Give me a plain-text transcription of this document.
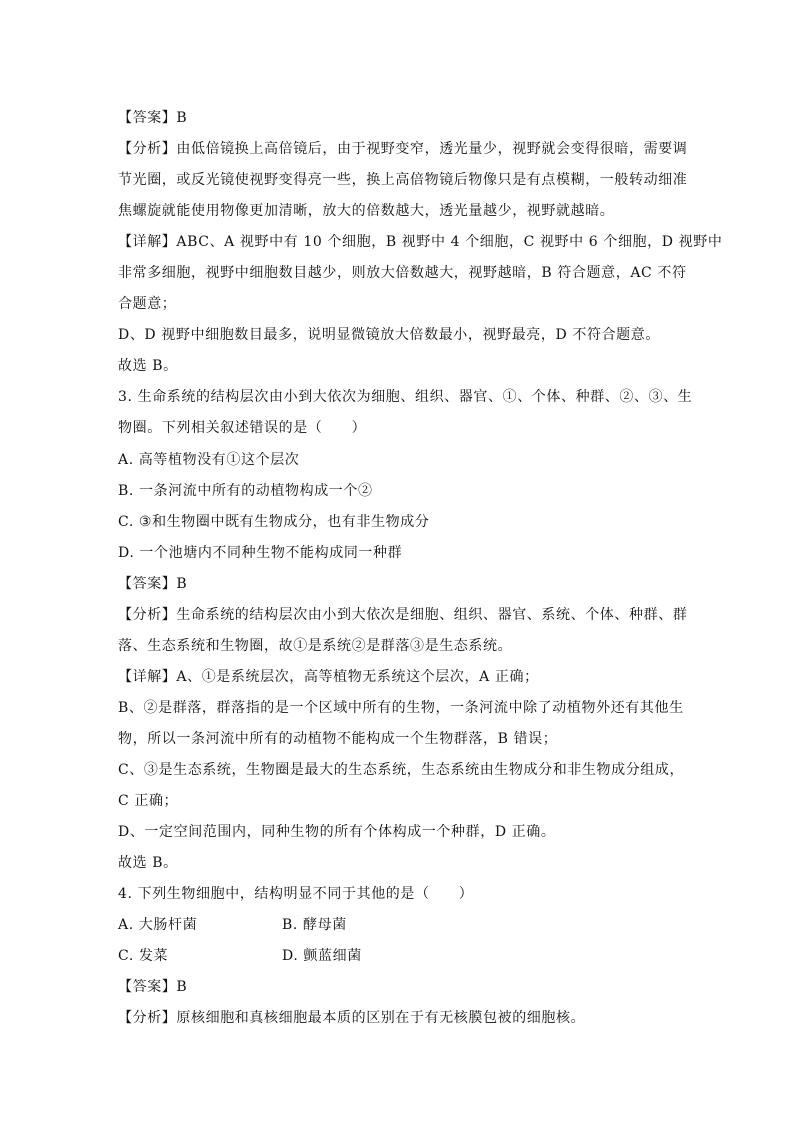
【答案】B
【分析】由低倍镜换上高倍镜后，由于视野变窄，透光量少，视野就会变得很暗，需要调
节光圈，或反光镜使视野变得亮一些，换上高倍物镜后物像只是有点模糊，一般转动细准
焦螺旋就能使用物像更加清晰，放大的倍数越大，透光量越少，视野就越暗。
【详解】ABC、A 视野中有 10 个细胞，B 视野中 4 个细胞，C 视野中 6 个细胞，D 视野中
非常多细胞，视野中细胞数目越少，则放大倍数越大，视野越暗，B 符合题意，AC 不符
合题意；
D、D 视野中细胞数目最多，说明显微镜放大倍数最小，视野最亮，D 不符合题意。
故选 B。
3. 生命系统的结构层次由小到大依次为细胞、组织、器官、①、个体、种群、②、③、生
物圈。下列相关叙述错误的是（　　）
A. 高等植物没有①这个层次
B. 一条河流中所有的动植物构成一个②
C. ③和生物圈中既有生物成分，也有非生物成分
D. 一个池塘内不同种生物不能构成同一种群
【答案】B
【分析】生命系统的结构层次由小到大依次是细胞、组织、器官、系统、个体、种群、群
落、生态系统和生物圈，故①是系统②是群落③是生态系统。
【详解】A、①是系统层次，高等植物无系统这个层次，A 正确；
B、②是群落，群落指的是一个区域中所有的生物，一条河流中除了动植物外还有其他生
物，所以一条河流中所有的动植物不能构成一个生物群落，B 错误；
C、③是生态系统，生物圈是最大的生态系统，生态系统由生物成分和非生物成分组成，
C 正确；
D、一定空间范围内，同种生物的所有个体构成一个种群，D 正确。
故选 B。
4. 下列生物细胞中，结构明显不同于其他的是（　　）
A. 大肠杆菌	B. 酵母菌
C. 发菜	D. 颤蓝细菌
【答案】B
【分析】原核细胞和真核细胞最本质的区别在于有无核膜包被的细胞核。
